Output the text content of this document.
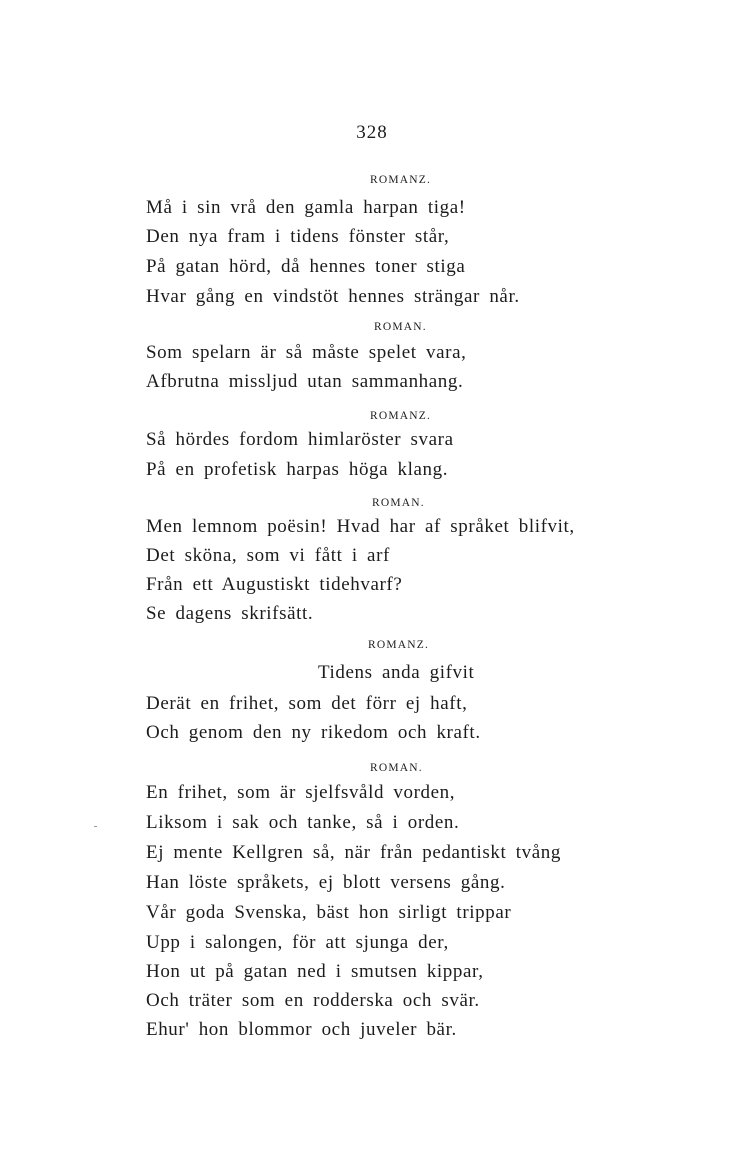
328
ROMANZ.
Må i sin vrå den gamla harpan tiga!
Den nya fram i tidens fönster står,
På gatan hörd, då hennes toner stiga
Hvar gång en vindstöt hennes strängar når.
ROMAN.
Som spelarn är så måste spelet vara,
Afbrutna missljud utan sammanhang.
ROMANZ.
Så hördes fordom himlaröster svara
På en profetisk harpas höga klang.
ROMAN.
Men lemnom poësin! Hvad har af språket blifvit,
Det sköna, som vi fått i arf
Från ett Augustiskt tidehvarf?
Se dagens skrifsätt.
ROMANZ.
Tidens anda gifvit
Derät en frihet, som det förr ej haft,
Och genom den ny rikedom och kraft.
ROMAN.
En frihet, som är sjelfsvåld vorden,
Liksom i sak och tanke, så i orden.
Ej mente Kellgren så, när från pedantiskt tvång
Han löste språkets, ej blott versens gång.
Vår goda Svenska, bäst hon sirligt trippar
Upp i salongen, för att sjunga der,
Hon ut på gatan ned i smutsen kippar,
Och träter som en rodderska och svär.
Ehur' hon blommor och juveler bär.
